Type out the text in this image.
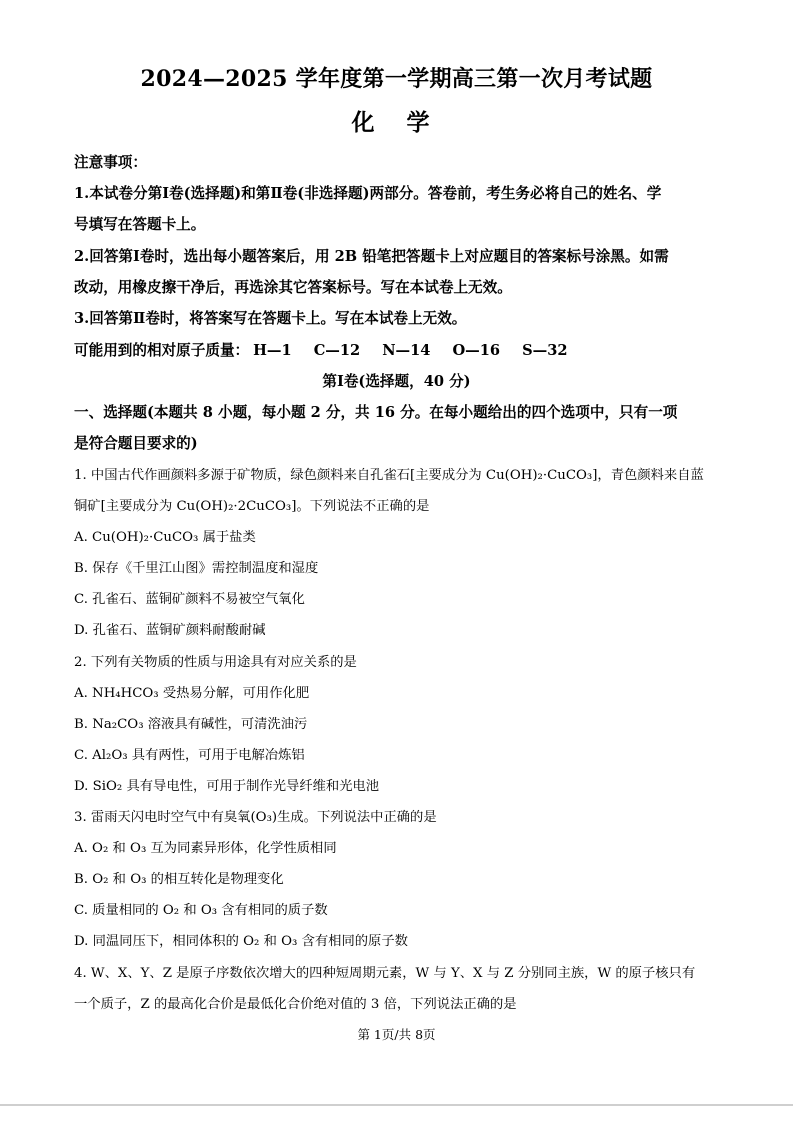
2024—2025 学年度第一学期高三第一次月考试题
化 学
注意事项：
1.本试卷分第Ⅰ卷(选择题)和第Ⅱ卷(非选择题)两部分。答卷前，考生务必将自己的姓名、学
号填写在答题卡上。
2.回答第Ⅰ卷时，选出每小题答案后，用 2B 铅笔把答题卡上对应题目的答案标号涂黑。如需
改动，用橡皮擦干净后，再选涂其它答案标号。写在本试卷上无效。
3.回答第Ⅱ卷时，将答案写在答题卡上。写在本试卷上无效。
可能用到的相对原子质量： H—1 C—12 N—14 O—16 S—32
第Ⅰ卷(选择题，40 分)
一、选择题(本题共 8 小题，每小题 2 分，共 16 分。在每小题给出的四个选项中，只有一项
是符合题目要求的)
1. 中国古代作画颜料多源于矿物质，绿色颜料来自孔雀石[主要成分为 Cu(OH)₂·CuCO₃]，青色颜料来自蓝
铜矿[主要成分为 Cu(OH)₂·2CuCO₃]。下列说法不正确的是
A. Cu(OH)₂·CuCO₃ 属于盐类
B. 保存《千里江山图》需控制温度和湿度
C. 孔雀石、蓝铜矿颜料不易被空气氧化
D. 孔雀石、蓝铜矿颜料耐酸耐碱
2. 下列有关物质的性质与用途具有对应关系的是
A. NH₄HCO₃ 受热易分解，可用作化肥
B. Na₂CO₃ 溶液具有碱性，可清洗油污
C. Al₂O₃ 具有两性，可用于电解冶炼铝
D. SiO₂ 具有导电性，可用于制作光导纤维和光电池
3. 雷雨天闪电时空气中有臭氧(O₃)生成。下列说法中正确的是
A. O₂ 和 O₃ 互为同素异形体，化学性质相同
B. O₂ 和 O₃ 的相互转化是物理变化
C. 质量相同的 O₂ 和 O₃ 含有相同的质子数
D. 同温同压下，相同体积的 O₂ 和 O₃ 含有相同的原子数
4. W、X、Y、Z 是原子序数依次增大的四种短周期元素，W 与 Y、X 与 Z 分别同主族，W 的原子核只有
一个质子，Z 的最高化合价是最低化合价绝对值的 3 倍，下列说法正确的是
第 1页/共 8页
